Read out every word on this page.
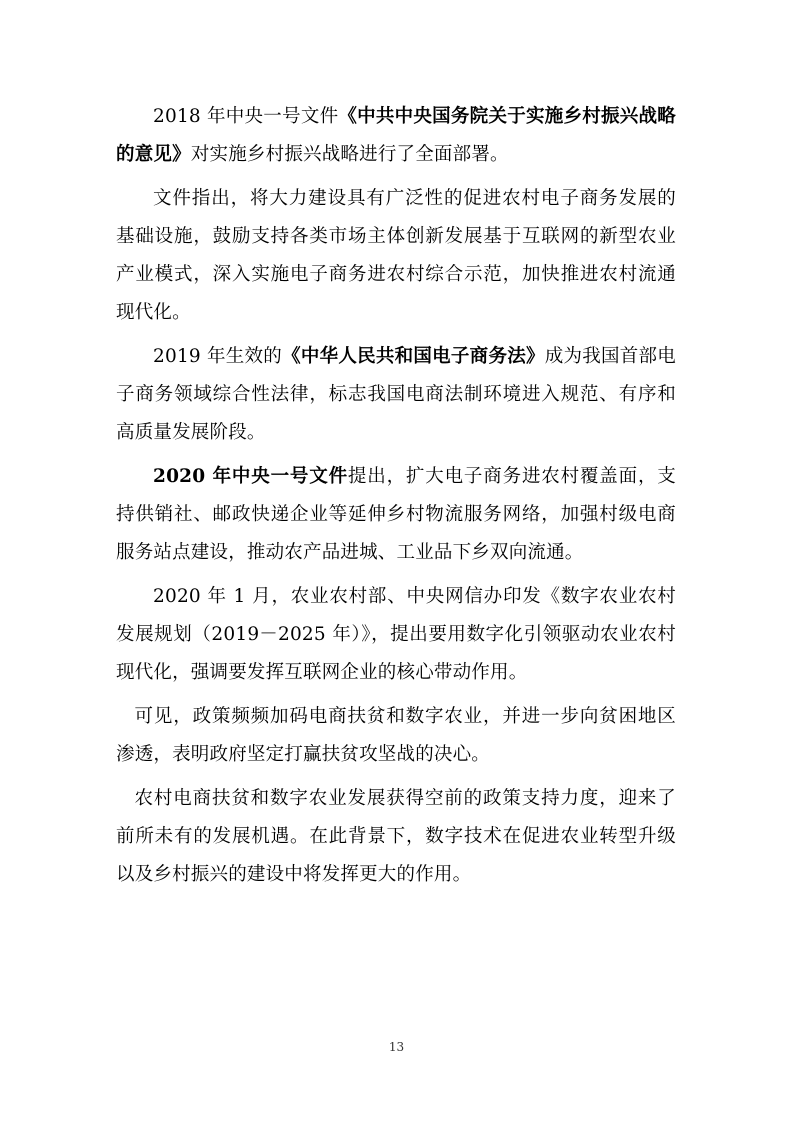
2018 年中央一号文件《中共中央国务院关于实施乡村振兴战略的意见》对实施乡村振兴战略进行了全面部署。

文件指出，将大力建设具有广泛性的促进农村电子商务发展的基础设施，鼓励支持各类市场主体创新发展基于互联网的新型农业产业模式，深入实施电子商务进农村综合示范，加快推进农村流通现代化。

2019 年生效的《中华人民共和国电子商务法》成为我国首部电子商务领域综合性法律，标志我国电商法制环境进入规范、有序和高质量发展阶段。

2020 年中央一号文件提出，扩大电子商务进农村覆盖面，支持供销社、邮政快递企业等延伸乡村物流服务网络，加强村级电商服务站点建设，推动农产品进城、工业品下乡双向流通。

2020 年 1 月，农业农村部、中央网信办印发《数字农业农村发展规划（2019－2025 年）》，提出要用数字化引领驱动农业农村现代化，强调要发挥互联网企业的核心带动作用。

可见，政策频频加码电商扶贫和数字农业，并进一步向贫困地区渗透，表明政府坚定打赢扶贫攻坚战的决心。

农村电商扶贫和数字农业发展获得空前的政策支持力度，迎来了前所未有的发展机遇。在此背景下，数字技术在促进农业转型升级以及乡村振兴的建设中将发挥更大的作用。

13
